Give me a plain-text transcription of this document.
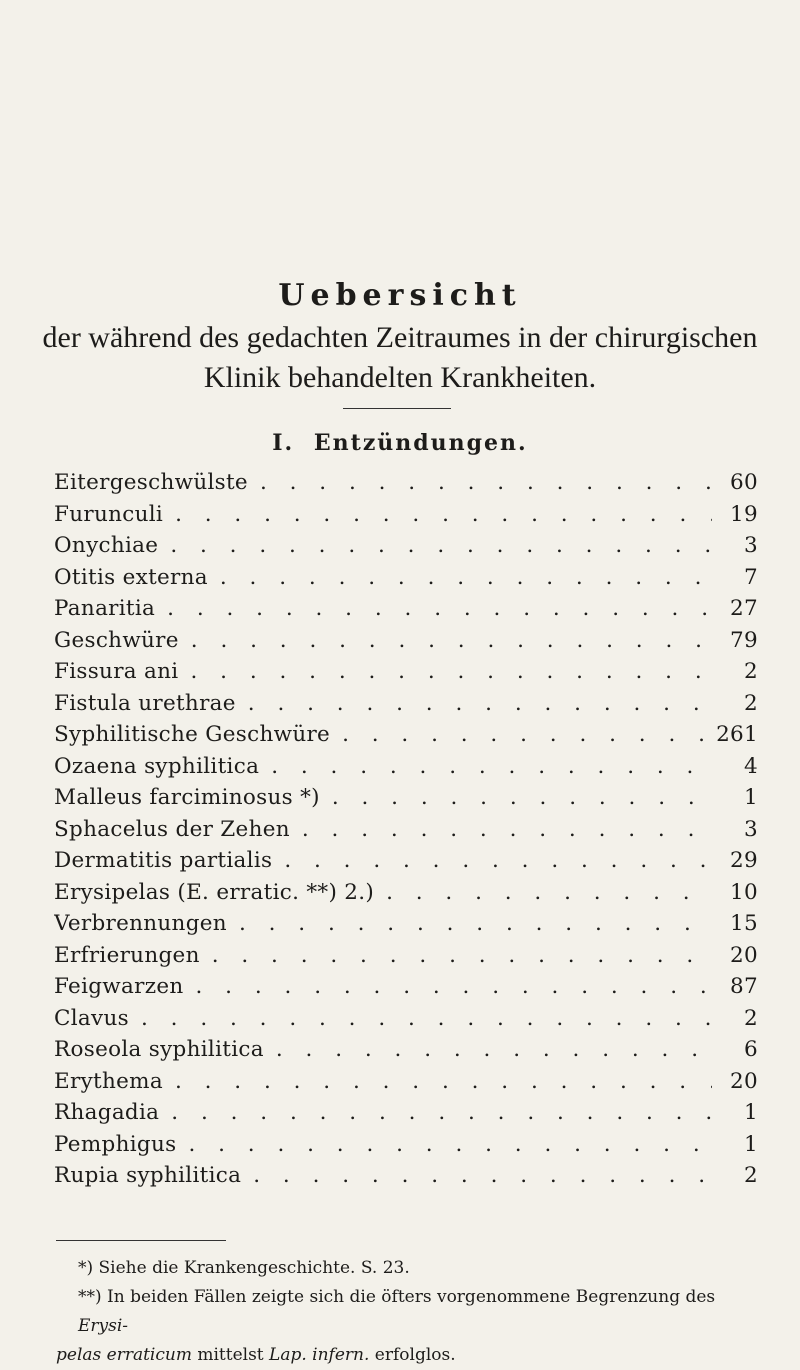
Uebersicht
der während des gedachten Zeitraumes in der chirurgischen Klinik behandelten Krankheiten.
I. Entzündungen.
Eitergeschwülste . . .	60
Furunculi . . .	19
Onychiae . . .	3
Otitis externa . . .	7
Panaritia . . .	27
Geschwüre . . .	79
Fissura ani . . .	2
Fistula urethrae . . .	2
Syphilitische Geschwüre . . .	261
Ozaena syphilitica . . .	4
Malleus farciminosus *) . . .	1
Sphacelus der Zehen . . .	3
Dermatitis partialis . . .	29
Erysipelas (E. erratic. **) 2.) . . .	10
Verbrennungen . . .	15
Erfrierungen . . .	20
Feigwarzen . . .	87
Clavus . . .	2
Roseola syphilitica . . .	6
Erythema . . .	20
Rhagadia . . .	1
Pemphigus . . .	1
Rupia syphilitica . . .	2
*) Siehe die Krankengeschichte. S. 23.
**) In beiden Fällen zeigte sich die öfters vorgenommene Begrenzung des Erysi-
pelas erraticum mittelst Lap. infern. erfolglos.
